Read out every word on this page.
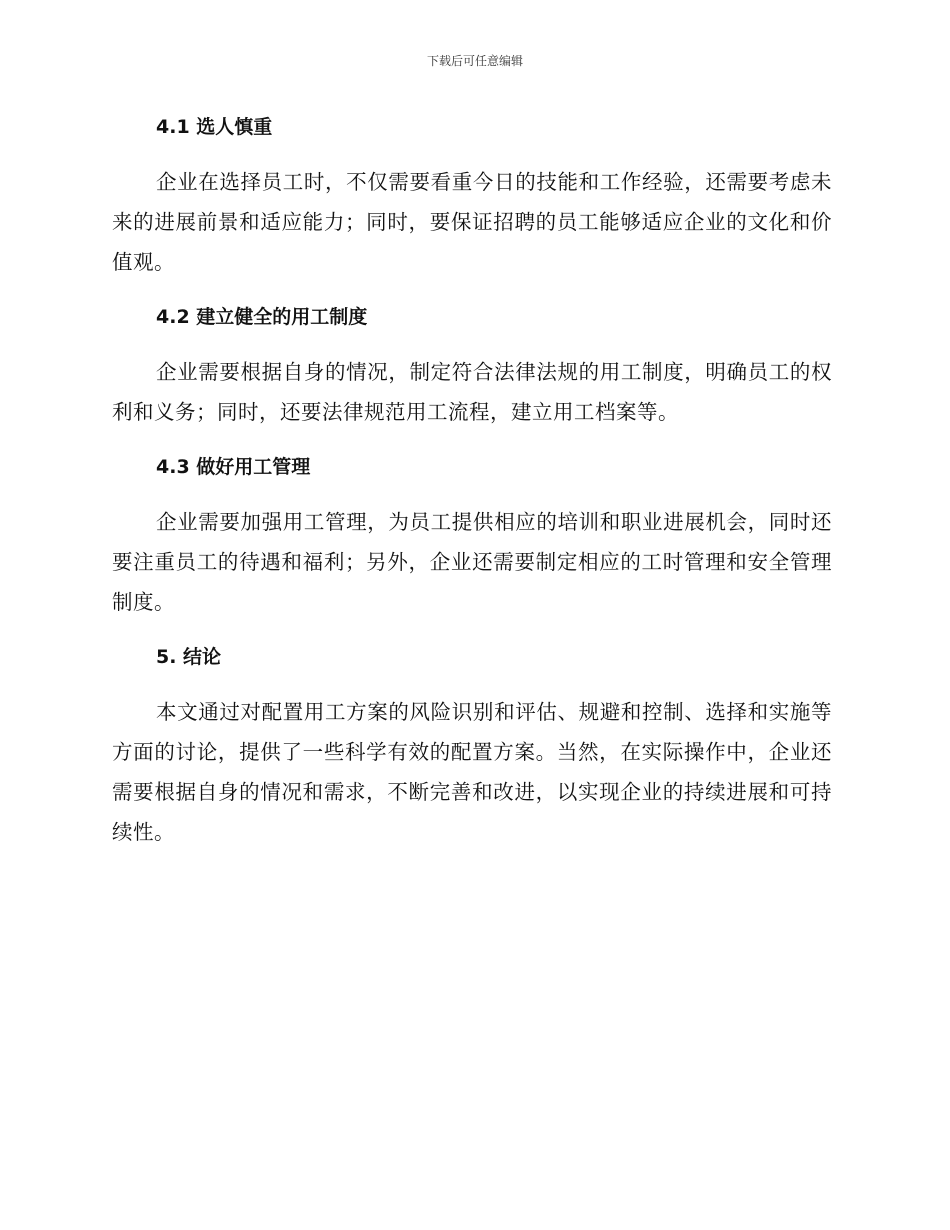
下载后可任意编辑
4.1 选人慎重

企业在选择员工时，不仅需要看重今日的技能和工作经验，还需要考虑未来的进展前景和适应能力；同时，要保证招聘的员工能够适应企业的文化和价值观。

4.2 建立健全的用工制度

企业需要根据自身的情况，制定符合法律法规的用工制度，明确员工的权利和义务；同时，还要法律规范用工流程，建立用工档案等。

4.3 做好用工管理

企业需要加强用工管理，为员工提供相应的培训和职业进展机会，同时还要注重员工的待遇和福利；另外，企业还需要制定相应的工时管理和安全管理制度。

5. 结论

本文通过对配置用工方案的风险识别和评估、规避和控制、选择和实施等方面的讨论，提供了一些科学有效的配置方案。当然，在实际操作中，企业还需要根据自身的情况和需求，不断完善和改进，以实现企业的持续进展和可持续性。
